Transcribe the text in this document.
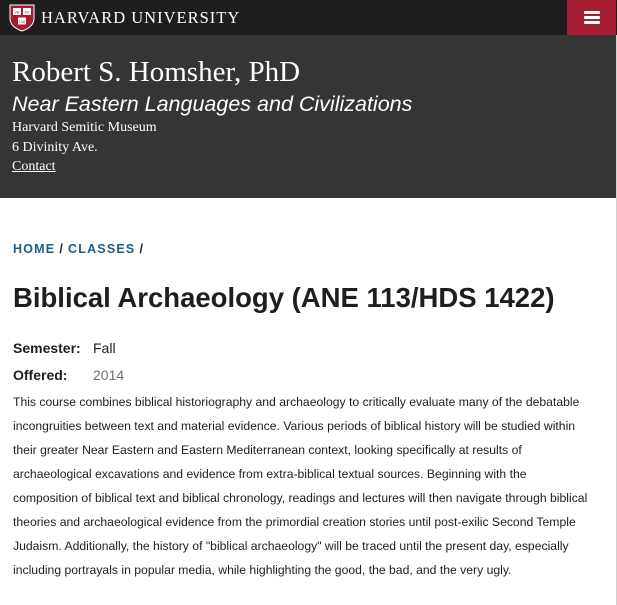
VE RI
TAS HARVARD UNIVERSITY
Robert S. Homsher, PhD
Near Eastern Languages and Civilizations
Harvard Semitic Museum
6 Divinity Ave.
Contact
HOME / CLASSES /
Biblical Archaeology (ANE 113/HDS 1422)
Semester: Fall
Offered: 2014

This course combines biblical historiography and archaeology to critically evaluate many of the debatable incongruities between text and material evidence. Various periods of biblical history will be studied within their greater Near Eastern and Eastern Mediterranean context, looking specifically at results of archaeological excavations and evidence from extra-biblical textual sources. Beginning with the composition of biblical text and biblical chronology, readings and lectures will then navigate through biblical theories and archaeological evidence from the primordial creation stories until post-exilic Second Temple Judaism. Additionally, the history of "biblical archaeology" will be traced until the present day, especially including portrayals in popular media, while highlighting the good, the bad, and the very ugly.
